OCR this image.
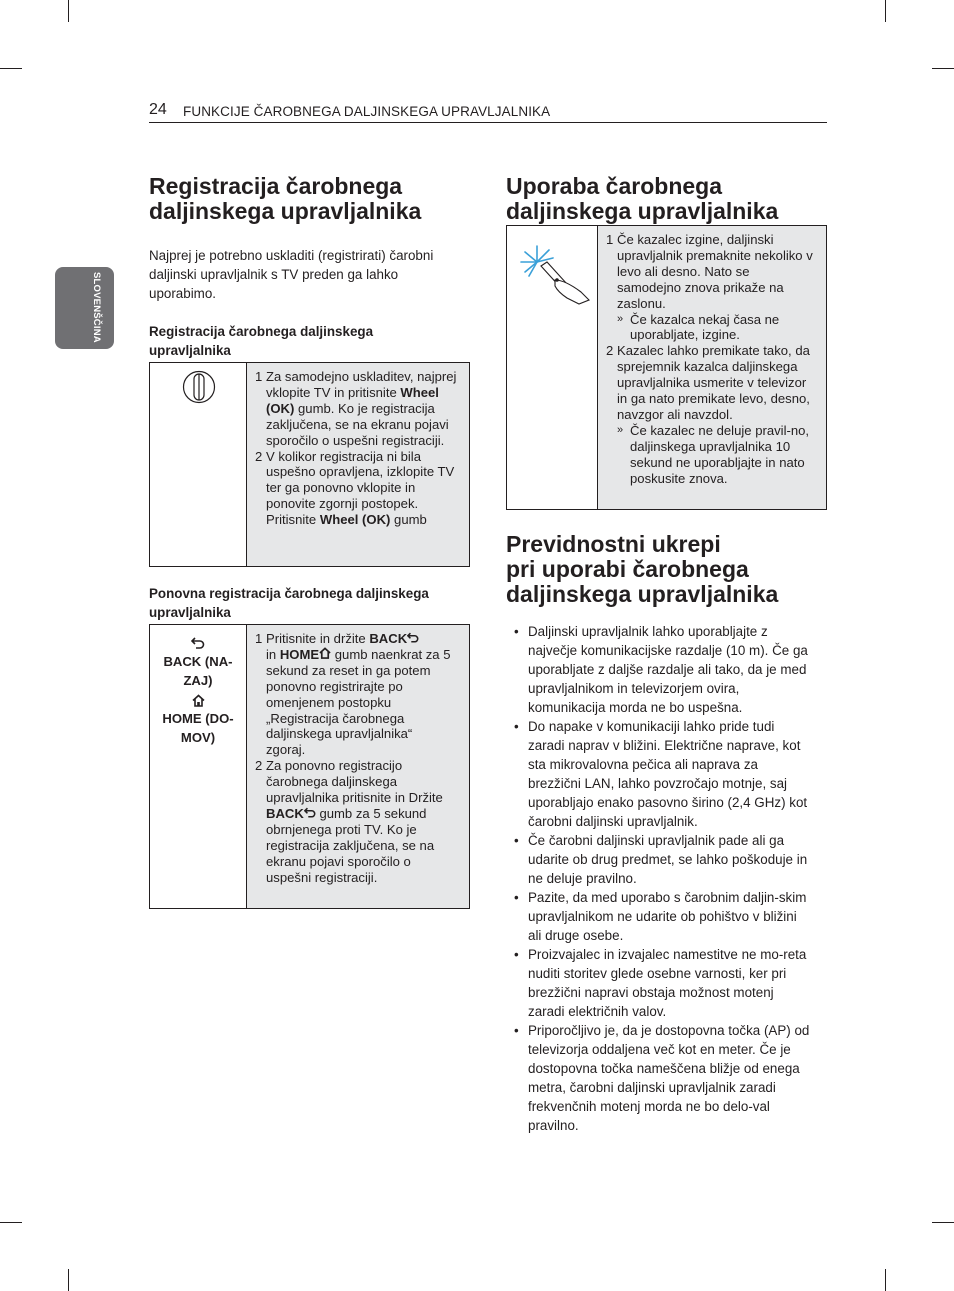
24 FUNKCIJE ČAROBNEGA DALJINSKEGA UPRAVLJALNIKA
SLOVENŠČINA
Registracija čarobnega
daljinskega upravljalnika

Najprej je potrebno uskladiti (registrirati) čarobni daljinski upravljalnik s TV preden ga lahko uporabimo.

Registracija čarobnega daljinskega
upravljalnika

1 Za samodejno uskladitev, najprej vklopite TV in pritisnite Wheel (OK) gumb. Ko je registracija zaključena, se na ekranu pojavi sporočilo o uspešni registraciji.
2 V kolikor registracija ni bila uspešno opravljena, izklopite TV ter ga ponovno vklopite in ponovite zgornji postopek. Pritisnite Wheel (OK) gumb

Ponovna registracija čarobnega daljinskega
upravljalnika

BACK (NA-
ZAJ)

HOME (DO-
MOV)
1 Pritisnite in držite BACK
in HOME gumb naenkrat za 5 sekund za reset in ga potem ponovno registrirajte po omenjenem postopku „Registracija čarobnega daljinskega upravljalnika“ zgoraj.
2 Za ponovno registracijo čarobnega daljinskega upravljalnika pritisnite in Držite BACK gumb za 5 sekund obrnjenega proti TV. Ko je registracija zaključena, se na ekranu pojavi sporočilo o uspešni registraciji.
Uporaba čarobnega
daljinskega upravljalnika
1 Če kazalec izgine, daljinski upravljalnik premaknite nekoliko v levo ali desno. Nato se samodejno znova prikaže na zaslonu.
» Če kazalca nekaj časa ne uporabljate, izgine.
2 Kazalec lahko premikate tako, da sprejemnik kazalca daljinskega upravljalnika usmerite v televizor in ga nato premikate levo, desno, navzgor ali navzdol.
» Če kazalec ne deluje pravil-no, daljinskega upravljalnika 10 sekund ne uporabljajte in nato poskusite znova.
Previdnostni ukrepi
pri uporabi čarobnega
daljinskega upravljalnika
• Daljinski upravljalnik lahko uporabljajte z največje komunikacijske razdalje (10 m). Če ga uporabljate z daljše razdalje ali tako, da je med upravljalnikom in televizorjem ovira, komunikacija morda ne bo uspešna.
• Do napake v komunikaciji lahko pride tudi zaradi naprav v bližini. Električne naprave, kot sta mikrovalovna pečica ali naprava za brezžični LAN, lahko povzročajo motnje, saj uporabljajo enako pasovno širino (2,4 GHz) kot čarobni daljinski upravljalnik.
• Če čarobni daljinski upravljalnik pade ali ga udarite ob drug predmet, se lahko poškoduje in ne deluje pravilno.
• Pazite, da med uporabo s čarobnim daljin-skim upravljalnikom ne udarite ob pohištvo v bližini ali druge osebe.
• Proizvajalec in izvajalec namestitve ne mo-reta nuditi storitev glede osebne varnosti, ker pri brezžični napravi obstaja možnost motenj zaradi električnih valov.
• Priporočljivo je, da je dostopovna točka (AP) od televizorja oddaljena več kot en meter. Če je dostopovna točka nameščena bližje od enega metra, čarobni daljinski upravljalnik zaradi frekvenčnih motenj morda ne bo delo-val pravilno.
